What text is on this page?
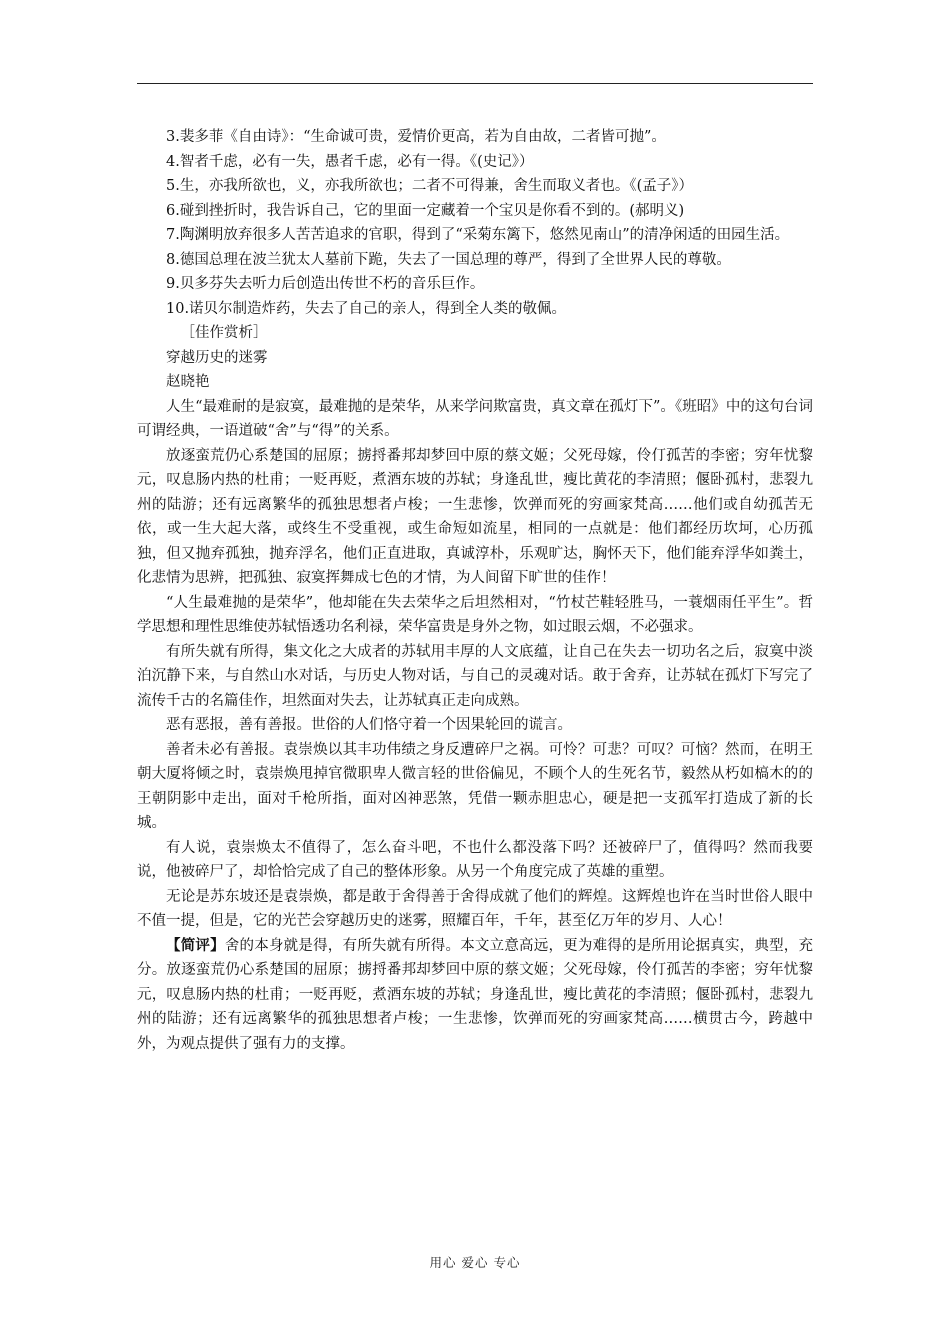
3.裴多菲《自由诗》：“生命诚可贵，爱情价更高，若为自由故，二者皆可抛”。

4.智者千虑，必有一失，愚者千虑，必有一得。《(史记》）

5.生，亦我所欲也，义，亦我所欲也；二者不可得兼，舍生而取义者也。《(孟子》）

6.碰到挫折时，我告诉自己，它的里面一定藏着一个宝贝是你看不到的。(郝明义)

7.陶渊明放弃很多人苦苦追求的官职，得到了“采菊东篱下，悠然见南山”的清净闲适的田园生活。

8.德国总理在波兰犹太人墓前下跪，失去了一国总理的尊严，得到了全世界人民的尊敬。

9.贝多芬失去听力后创造出传世不朽的音乐巨作。

10.诺贝尔制造炸药，失去了自己的亲人，得到全人类的敬佩。

［佳作赏析］

穿越历史的迷雾

赵晓艳

人生“最难耐的是寂寞，最难抛的是荣华，从来学问欺富贵，真文章在孤灯下”。《班昭》中的这句台词可谓经典，一语道破“舍”与“得”的关系。

放逐蛮荒仍心系楚国的屈原；掳捋番邦却梦回中原的蔡文姬；父死母嫁，伶仃孤苦的李密；穷年忧黎元，叹息肠内热的杜甫；一贬再贬，煮酒东坡的苏轼；身逢乱世，瘦比黄花的李清照；偃卧孤村，悲裂九州的陆游；还有远离繁华的孤独思想者卢梭；一生悲惨，饮弹而死的穷画家梵高……他们或自幼孤苦无依，或一生大起大落，或终生不受重视，或生命短如流星，相同的一点就是：他们都经历坎坷，心历孤独，但又抛弃孤独，抛弃浮名，他们正直进取，真诚淳朴，乐观旷达，胸怀天下，他们能弃浮华如粪土，化悲情为思辨，把孤独、寂寞挥舞成七色的才情，为人间留下旷世的佳作！

“人生最难抛的是荣华”，他却能在失去荣华之后坦然相对，“竹杖芒鞋轻胜马，一蓑烟雨任平生”。哲学思想和理性思维使苏轼悟透功名利禄，荣华富贵是身外之物，如过眼云烟，不必强求。

有所失就有所得，集文化之大成者的苏轼用丰厚的人文底蕴，让自己在失去一切功名之后，寂寞中淡泊沉静下来，与自然山水对话，与历史人物对话，与自己的灵魂对话。敢于舍弃，让苏轼在孤灯下写完了流传千古的名篇佳作，坦然面对失去，让苏轼真正走向成熟。

恶有恶报，善有善报。世俗的人们恪守着一个因果轮回的谎言。

善者未必有善报。袁崇焕以其丰功伟绩之身反遭碎尸之祸。可怜？可悲？可叹？可恼？然而，在明王朝大厦将倾之时，袁崇焕甩掉官微职卑人微言轻的世俗偏见，不顾个人的生死名节，毅然从朽如槁木的的王朝阴影中走出，面对千枪所指，面对凶神恶煞，凭借一颗赤胆忠心，硬是把一支孤军打造成了新的长城。

有人说，袁崇焕太不值得了，怎么奋斗吧，不也什么都没落下吗？还被碎尸了，值得吗？然而我要说，他被碎尸了，却恰恰完成了自己的整体形象。从另一个角度完成了英雄的重塑。

无论是苏东坡还是袁崇焕，都是敢于舍得善于舍得成就了他们的辉煌。这辉煌也许在当时世俗人眼中不值一提，但是，它的光芒会穿越历史的迷雾，照耀百年，千年，甚至亿万年的岁月、人心！

【简评】舍的本身就是得，有所失就有所得。本文立意高远，更为难得的是所用论据真实，典型，充分。放逐蛮荒仍心系楚国的屈原；掳捋番邦却梦回中原的蔡文姬；父死母嫁，伶仃孤苦的李密；穷年忧黎元，叹息肠内热的杜甫；一贬再贬，煮酒东坡的苏轼；身逢乱世，瘦比黄花的李清照；偃卧孤村，悲裂九州的陆游；还有远离繁华的孤独思想者卢梭；一生悲惨，饮弹而死的穷画家梵高……横贯古今，跨越中外，为观点提供了强有力的支撑。

用心 爱心 专心
